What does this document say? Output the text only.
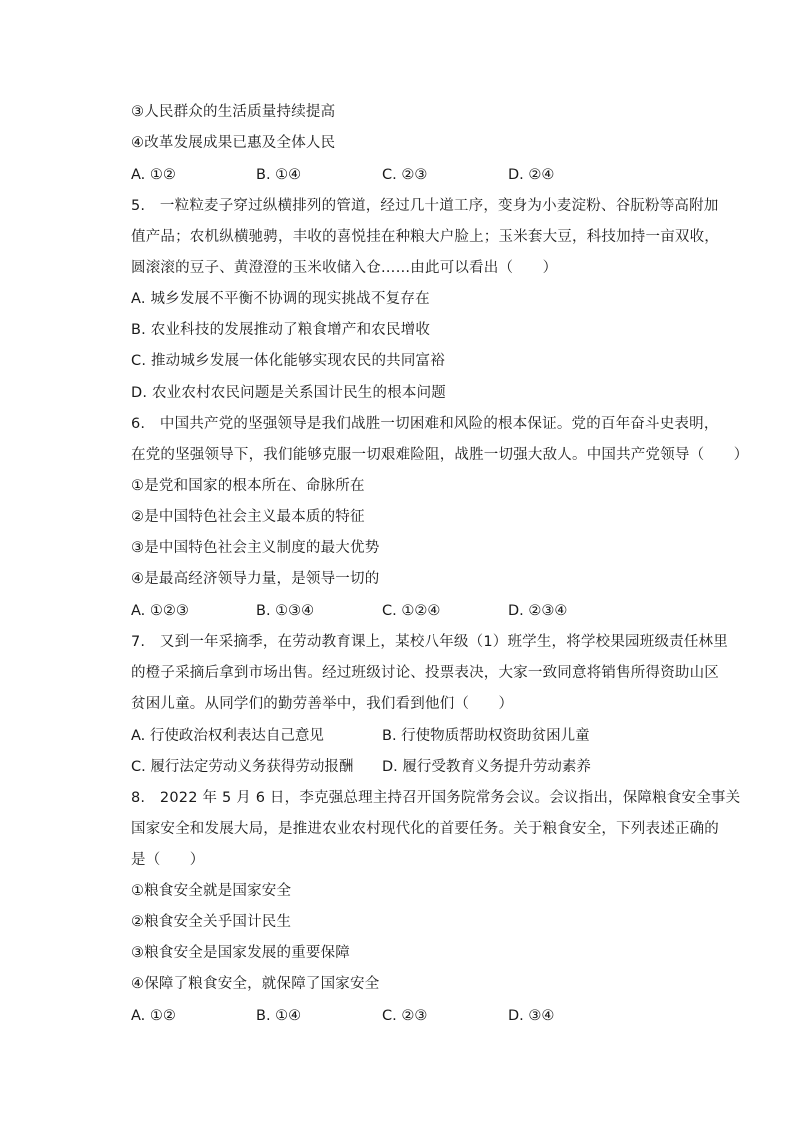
③人民群众的生活质量持续提高
④改革发展成果已惠及全体人民
A. ①②	B. ①④	C. ②③	D. ②④
5.　一粒粒麦子穿过纵横排列的管道，经过几十道工序，变身为小麦淀粉、谷朊粉等高附加
值产品；农机纵横驰骋，丰收的喜悦挂在种粮大户脸上；玉米套大豆，科技加持一亩双收，
圆滚滚的豆子、黄澄澄的玉米收储入仓……由此可以看出（　　）
A. 城乡发展不平衡不协调的现实挑战不复存在
B. 农业科技的发展推动了粮食增产和农民增收
C. 推动城乡发展一体化能够实现农民的共同富裕
D. 农业农村农民问题是关系国计民生的根本问题
6.　中国共产党的坚强领导是我们战胜一切困难和风险的根本保证。党的百年奋斗史表明，
在党的坚强领导下，我们能够克服一切艰难险阻，战胜一切强大敌人。中国共产党领导（　　）
①是党和国家的根本所在、命脉所在
②是中国特色社会主义最本质的特征
③是中国特色社会主义制度的最大优势
④是最高经济领导力量，是领导一切的
A. ①②③	B. ①③④	C. ①②④	D. ②③④
7.　又到一年采摘季，在劳动教育课上，某校八年级（1）班学生，将学校果园班级责任林里
的橙子采摘后拿到市场出售。经过班级讨论、投票表决，大家一致同意将销售所得资助山区
贫困儿童。从同学们的勤劳善举中，我们看到他们（　　）
A. 行使政治权利表达自己意见	B. 行使物质帮助权资助贫困儿童
C. 履行法定劳动义务获得劳动报酬 D. 履行受教育义务提升劳动素养
8.　2022 年 5 月 6 日，李克强总理主持召开国务院常务会议。会议指出，保障粮食安全事关
国家安全和发展大局，是推进农业农村现代化的首要任务。关于粮食安全，下列表述正确的
是（　　）
①粮食安全就是国家安全
②粮食安全关乎国计民生
③粮食安全是国家发展的重要保障
④保障了粮食安全，就保障了国家安全
A. ①②	B. ①④	C. ②③	D. ③④
